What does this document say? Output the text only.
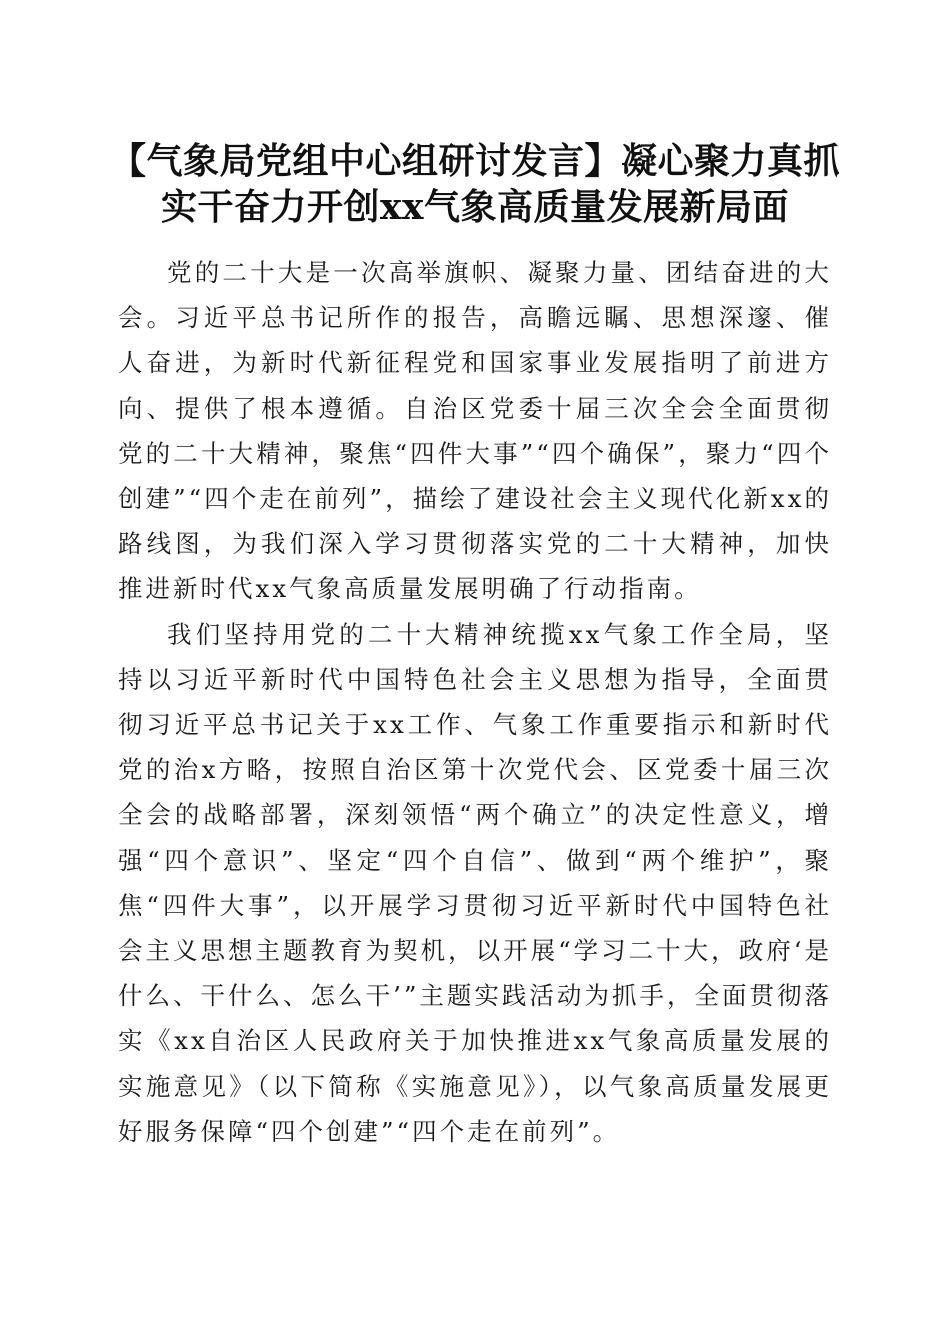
【气象局党组中心组研讨发言】凝心聚力真抓实干奋力开创xx气象高质量发展新局面

党的二十大是一次高举旗帜、凝聚力量、团结奋进的大会。习近平总书记所作的报告，高瞻远瞩、思想深邃、催人奋进，为新时代新征程党和国家事业发展指明了前进方向、提供了根本遵循。自治区党委十届三次全会全面贯彻党的二十大精神，聚焦“四件大事”“四个确保”，聚力“四个创建”“四个走在前列”，描绘了建设社会主义现代化新xx的路线图，为我们深入学习贯彻落实党的二十大精神，加快推进新时代xx气象高质量发展明确了行动指南。

我们坚持用党的二十大精神统揽xx气象工作全局，坚持以习近平新时代中国特色社会主义思想为指导，全面贯彻习近平总书记关于xx工作、气象工作重要指示和新时代党的治x方略，按照自治区第十次党代会、区党委十届三次全会的战略部署，深刻领悟“两个确立”的决定性意义，增强“四个意识”、坚定“四个自信”、做到“两个维护”，聚焦“四件大事”，以开展学习贯彻习近平新时代中国特色社会主义思想主题教育为契机，以开展“学习二十大，政府‘是什么、干什么、怎么干’”主题实践活动为抓手，全面贯彻落实《xx自治区人民政府关于加快推进xx气象高质量发展的实施意见》（以下简称《实施意见》），以气象高质量发展更好服务保障“四个创建”“四个走在前列”。
